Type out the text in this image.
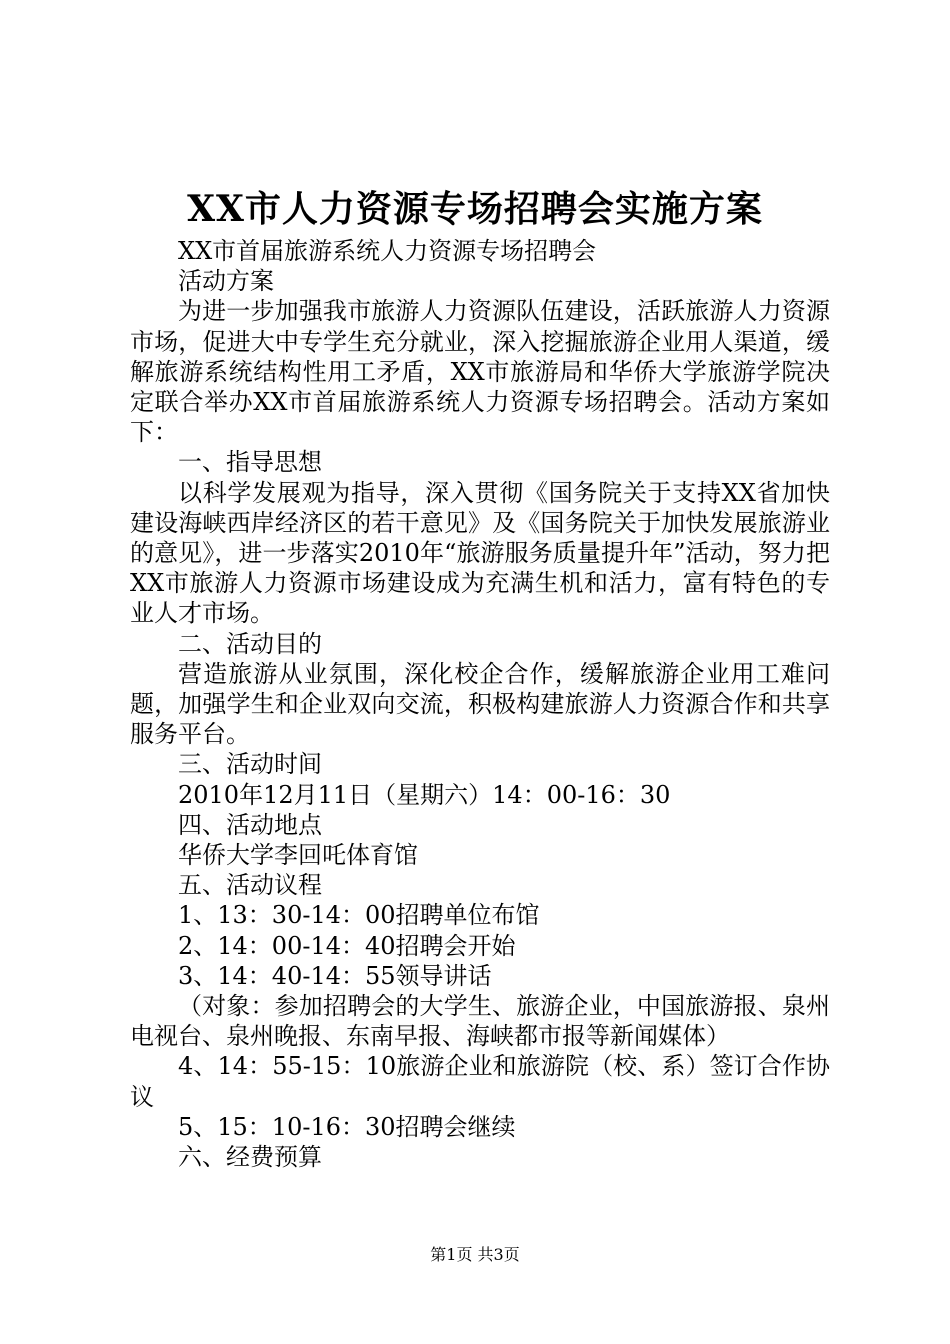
XX市人力资源专场招聘会实施方案

XX市首届旅游系统人力资源专场招聘会

活动方案

为进一步加强我市旅游人力资源队伍建设，活跃旅游人力资源市场，促进大中专学生充分就业，深入挖掘旅游企业用人渠道，缓解旅游系统结构性用工矛盾，XX市旅游局和华侨大学旅游学院决定联合举办XX市首届旅游系统人力资源专场招聘会。活动方案如下：

一、指导思想

以科学发展观为指导，深入贯彻《国务院关于支持XX省加快建设海峡西岸经济区的若干意见》及《国务院关于加快发展旅游业的意见》，进一步落实2010年“旅游服务质量提升年”活动，努力把XX市旅游人力资源市场建设成为充满生机和活力，富有特色的专业人才市场。

二、活动目的

营造旅游从业氛围，深化校企合作，缓解旅游企业用工难问题，加强学生和企业双向交流，积极构建旅游人力资源合作和共享服务平台。

三、活动时间

2010年12月11日（星期六）14：00-16：30

四、活动地点

华侨大学李回吒体育馆

五、活动议程

1、13：30-14：00招聘单位布馆

2、14：00-14：40招聘会开始

3、14：40-14：55领导讲话

（对象：参加招聘会的大学生、旅游企业，中国旅游报、泉州电视台、泉州晚报、东南早报、海峡都市报等新闻媒体）

4、14：55-15：10旅游企业和旅游院（校、系）签订合作协议

5、15：10-16：30招聘会继续

六、经费预算

第1页 共3页
